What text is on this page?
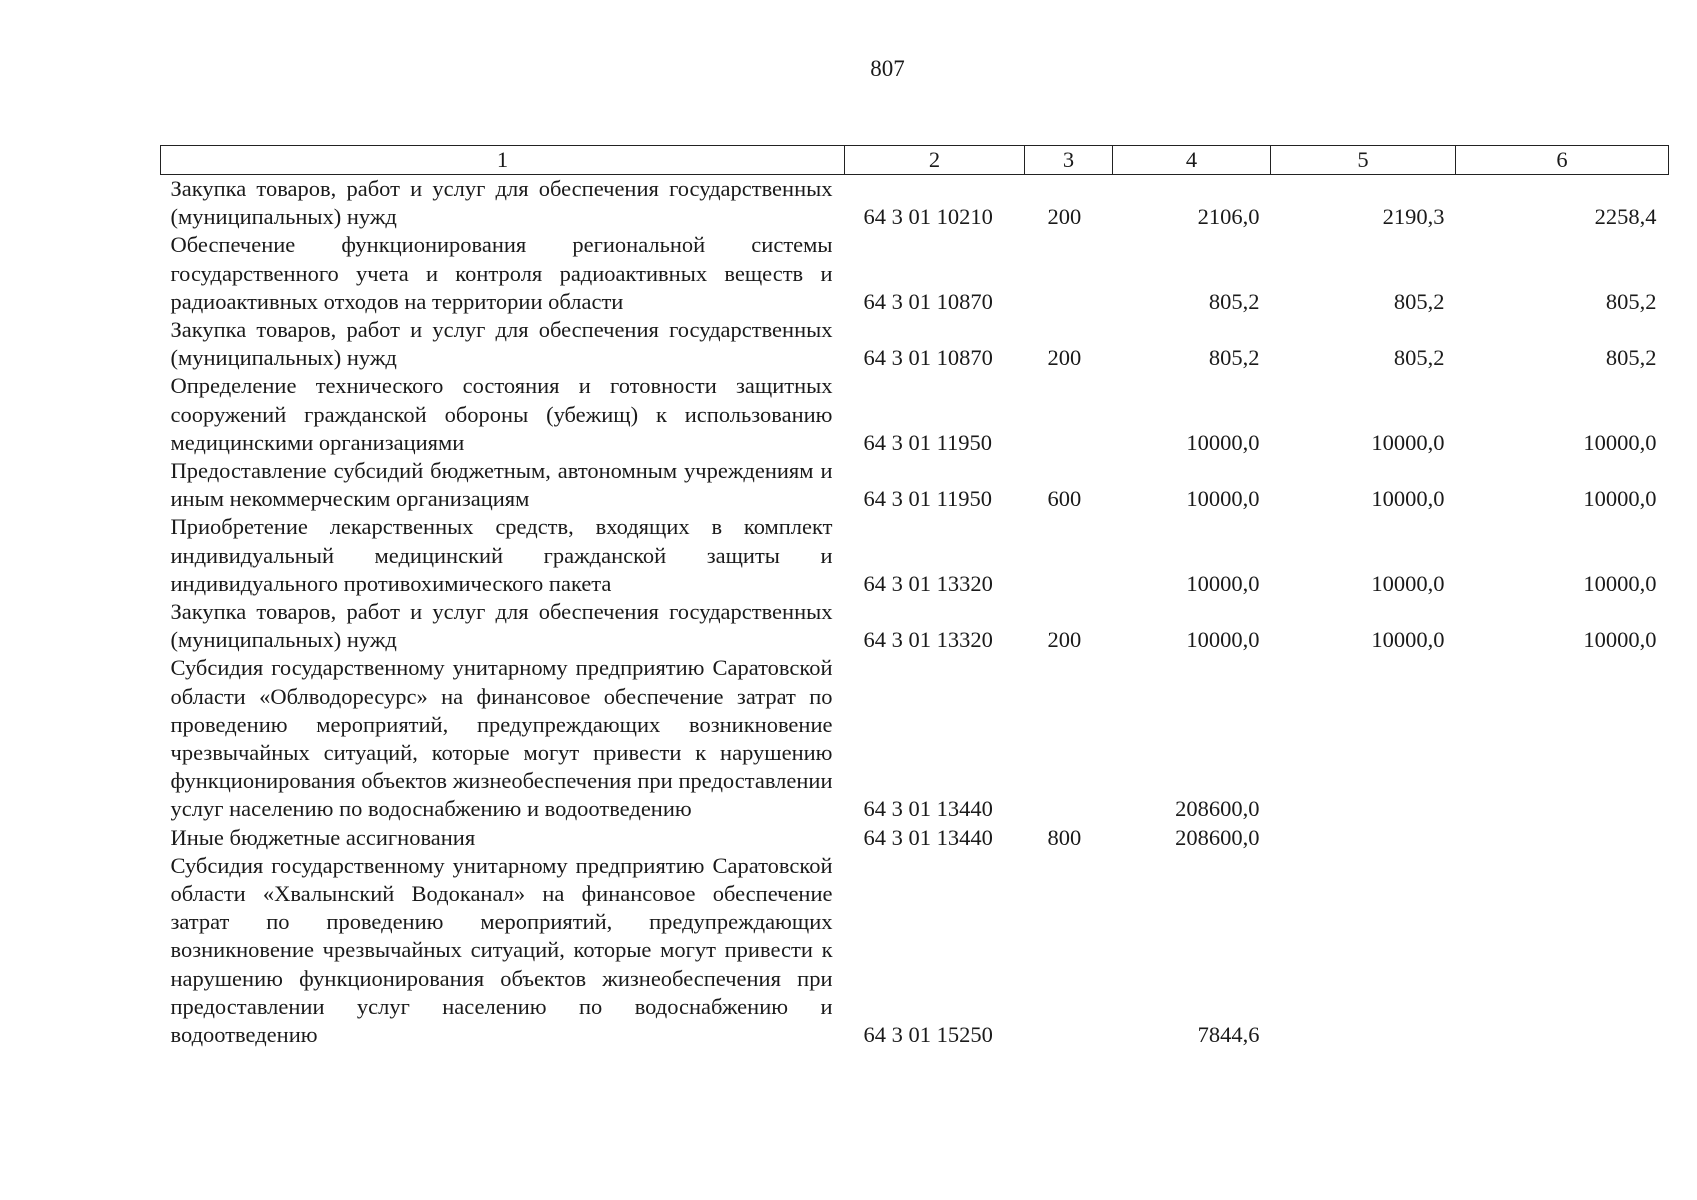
807
1	2	3	4	5	6
Закупка товаров, работ и услуг для обеспечения государственных (муниципальных) нужд	64 3 01 10210	200	2106,0	2190,3	2258,4
Обеспечение функционирования региональной системы государственного учета и контроля радиоактивных веществ и радиоактивных отходов на территории области	64 3 01 10870		805,2	805,2	805,2
Закупка товаров, работ и услуг для обеспечения государственных (муниципальных) нужд	64 3 01 10870	200	805,2	805,2	805,2
Определение технического состояния и готовности защитных сооружений гражданской обороны (убежищ) к использованию медицинскими организациями	64 3 01 11950		10000,0	10000,0	10000,0
Предоставление субсидий бюджетным, автономным учреждениям и иным некоммерческим организациям	64 3 01 11950	600	10000,0	10000,0	10000,0
Приобретение лекарственных средств, входящих в комплект индивидуальный медицинский гражданской защиты и индивидуального противохимического пакета	64 3 01 13320		10000,0	10000,0	10000,0
Закупка товаров, работ и услуг для обеспечения государственных (муниципальных) нужд	64 3 01 13320	200	10000,0	10000,0	10000,0
Субсидия государственному унитарному предприятию Саратовской области «Облводоресурс» на финансовое обеспечение затрат по проведению мероприятий, предупреждающих возникновение чрезвычайных ситуаций, которые могут привести к нарушению функционирования объектов жизнеобеспечения при предоставлении услуг населению по водоснабжению и водоотведению	64 3 01 13440		208600,0		
Иные бюджетные ассигнования	64 3 01 13440	800	208600,0		
Субсидия государственному унитарному предприятию Саратовской области «Хвалынский Водоканал» на финансовое обеспечение затрат по проведению мероприятий, предупреждающих возникновение чрезвычайных ситуаций, которые могут привести к нарушению функционирования объектов жизнеобеспечения при предоставлении услуг населению по водоснабжению и водоотведению	64 3 01 15250		7844,6		
